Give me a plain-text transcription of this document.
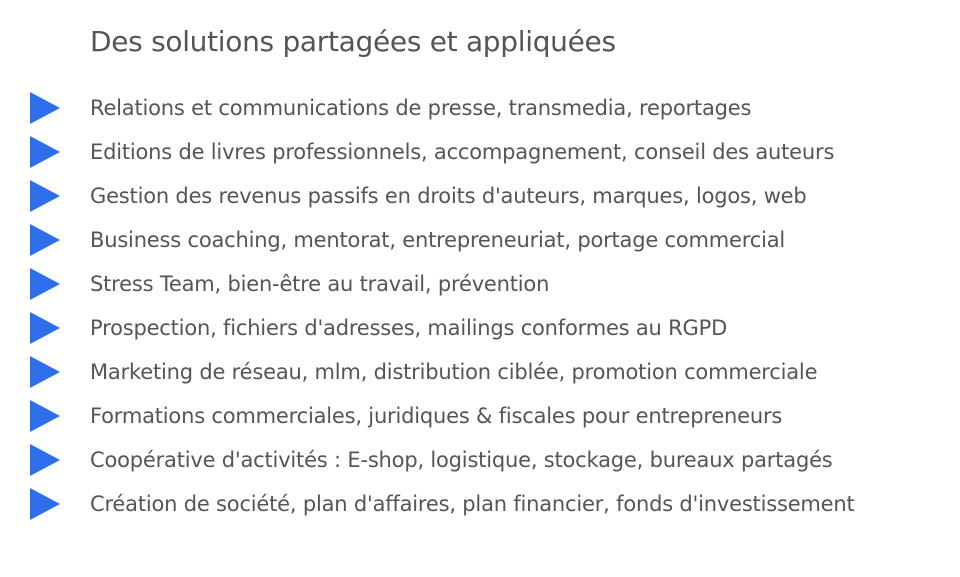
Des solutions partagées et appliquées
Relations et communications de presse, transmedia, reportages
Editions de livres professionnels, accompagnement, conseil des auteurs
Gestion des revenus passifs en droits d'auteurs, marques, logos, web
Business coaching, mentorat, entrepreneuriat, portage commercial
Stress Team, bien-être au travail, prévention
Prospection, fichiers d'adresses, mailings conformes au RGPD
Marketing de réseau, mlm, distribution ciblée, promotion commerciale
Formations commerciales, juridiques & fiscales pour entrepreneurs
Coopérative d'activités : E-shop, logistique, stockage, bureaux partagés
Création de société, plan d'affaires, plan financier, fonds d'investissement
